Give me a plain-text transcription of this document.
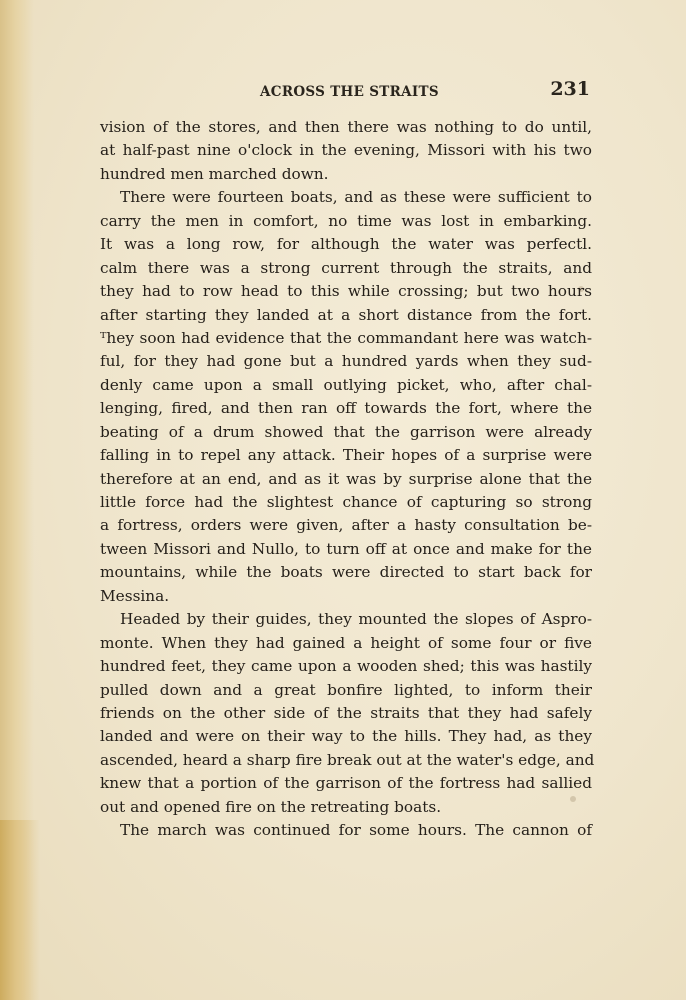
ACROSS THE STRAITS	231
vision of the stores, and then there was nothing to do until,
at half-past nine o'clock in the evening, Missori with his two
hundred men marched down.
There were fourteen boats, and as these were sufficient to
carry the men in comfort, no time was lost in embarking.
It was a long row, for although the water was perfectl.
calm there was a strong current through the straits, and
they had to row head to this while crossing; but two hours
after starting they landed at a short distance from the fort.
ᵀhey soon had evidence that the commandant here was watch-
ful, for they had gone but a hundred yards when they sud-
denly came upon a small outlying picket, who, after chal-
lenging, fired, and then ran off towards the fort, where the
beating of a drum showed that the garrison were already
falling in to repel any attack. Their hopes of a surprise were
therefore at an end, and as it was by surprise alone that the
little force had the slightest chance of capturing so strong
a fortress, orders were given, after a hasty consultation be-
tween Missori and Nullo, to turn off at once and make for the
mountains, while the boats were directed to start back for
Messina.
Headed by their guides, they mounted the slopes of Aspro-
monte. When they had gained a height of some four or five
hundred feet, they came upon a wooden shed; this was hastily
pulled down and a great bonfire lighted, to inform their
friends on the other side of the straits that they had safely
landed and were on their way to the hills. They had, as they
ascended, heard a sharp fire break out at the water's edge, and
knew that a portion of the garrison of the fortress had sallied
out and opened fire on the retreating boats.
The march was continued for some hours. The cannon of
